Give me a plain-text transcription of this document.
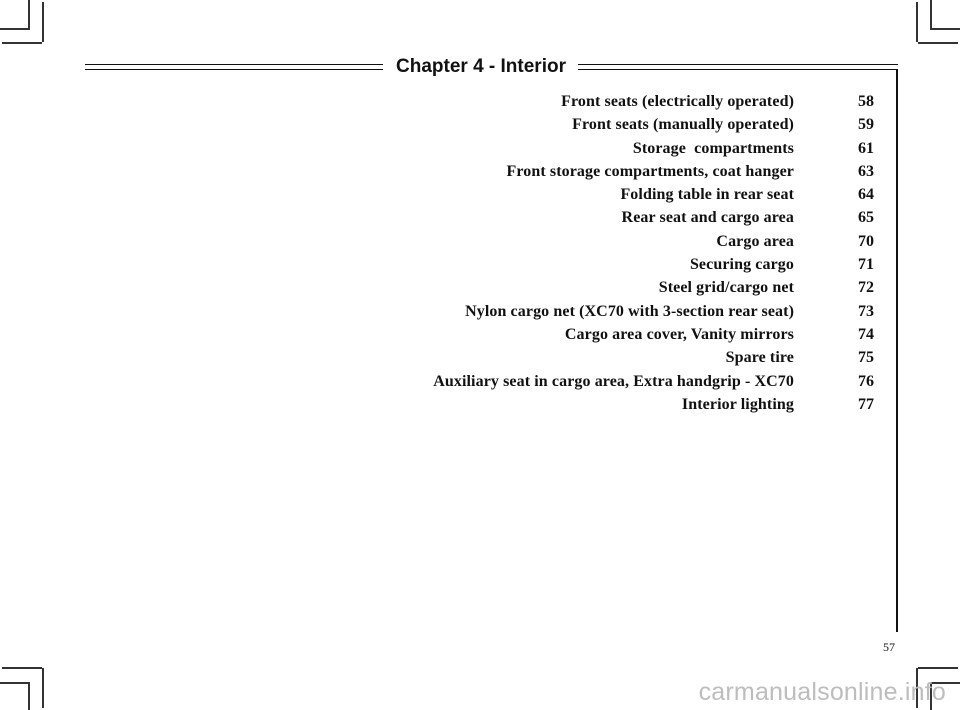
Chapter 4 - Interior
Front seats (electrically operated)	58
Front seats (manually operated)	59
Storage  compartments	61
Front storage compartments, coat hanger	63
Folding table in rear seat	64
Rear seat and cargo area	65
Cargo area	70
Securing cargo	71
Steel grid/cargo net	72
Nylon cargo net (XC70 with 3-section rear seat)	73
Cargo area cover, Vanity mirrors	74
Spare tire	75
Auxiliary seat in cargo area, Extra handgrip - XC70	76
Interior lighting	77
57
carmanualsonline.info
